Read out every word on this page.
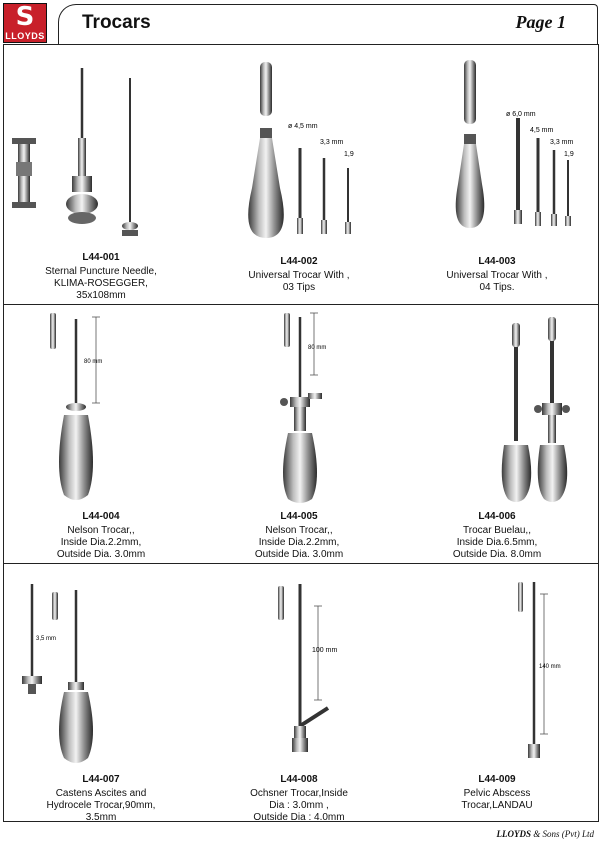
S
LLOYDS
Trocars	Page 1
L44-001
Sternal Puncture Needle,
KLIMA-ROSEGGER,
35x108mm
ø 4,5 mm
3,3 mm
1,9
L44-002
Universal Trocar With ,
03 Tips
ø 6,0 mm
4,5 mm
3,3 mm
1,9
L44-003
Universal Trocar With ,
04 Tips.
80 mm
L44-004
Nelson Trocar,,
Inside Dia.2.2mm,
Outside Dia. 3.0mm
80 mm
L44-005
Nelson Trocar,,
Inside Dia.2.2mm,
Outside Dia. 3.0mm
L44-006
Trocar Buelau,,
Inside Dia.6.5mm,
Outside Dia. 8.0mm
3,5 mm
L44-007
Castens Ascites and
Hydrocele Trocar,90mm,
3.5mm
100 mm
L44-008
Ochsner Trocar,Inside
Dia : 3.0mm ,
Outside Dia : 4.0mm
140 mm
L44-009
Pelvic Abscess
Trocar,LANDAU
LLOYDS & Sons (Pvt) Ltd
